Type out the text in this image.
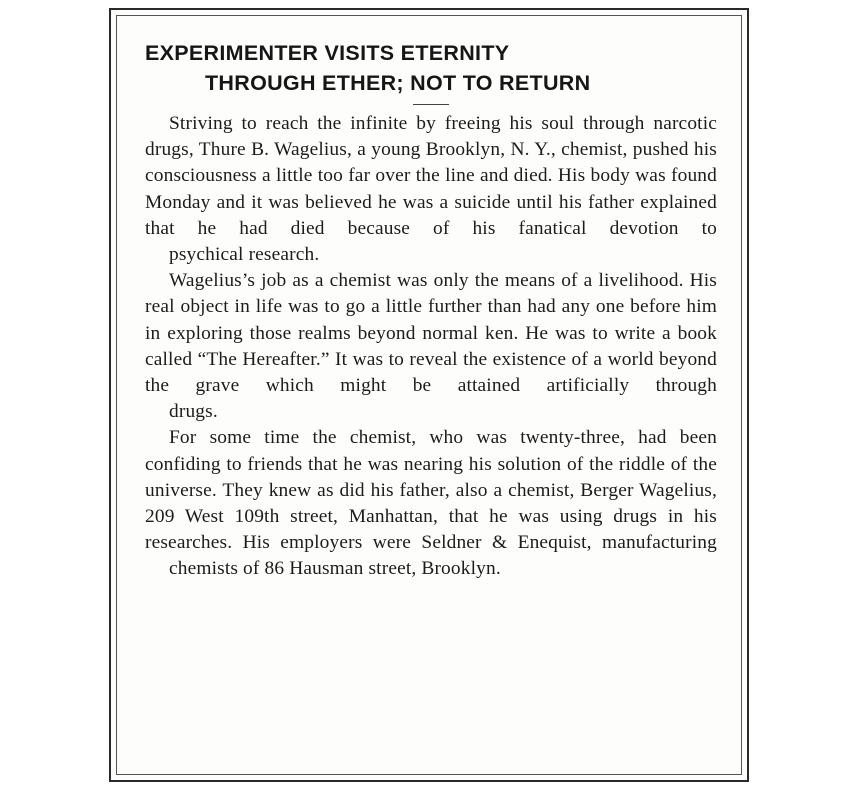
EXPERIMENTER VISITS ETERNITY
THROUGH ETHER; NOT TO RETURN

Striving to reach the infinite by freeing his soul through narcotic drugs, Thure B. Wagelius, a young Brooklyn, N. Y., chemist, pushed his consciousness a little too far over the line and died. His body was found Monday and it was believed he was a suicide until his father explained that he had died because of his fanatical devotion to
psychical research.

Wagelius’s job as a chemist was only the means of a livelihood. His real object in life was to go a little further than had any one before him in exploring those realms beyond normal ken. He was to write a book called “The Hereafter.” It was to reveal the existence of a world beyond the grave which might be attained artificially through
drugs.

For some time the chemist, who was twenty-three, had been confiding to friends that he was nearing his solution of the riddle of the universe. They knew as did his father, also a chemist, Berger Wagelius, 209 West 109th street, Manhattan, that he was using drugs in his researches. His employers were Seldner & Enequist, manufacturing
chemists of 86 Hausman street, Brooklyn.
